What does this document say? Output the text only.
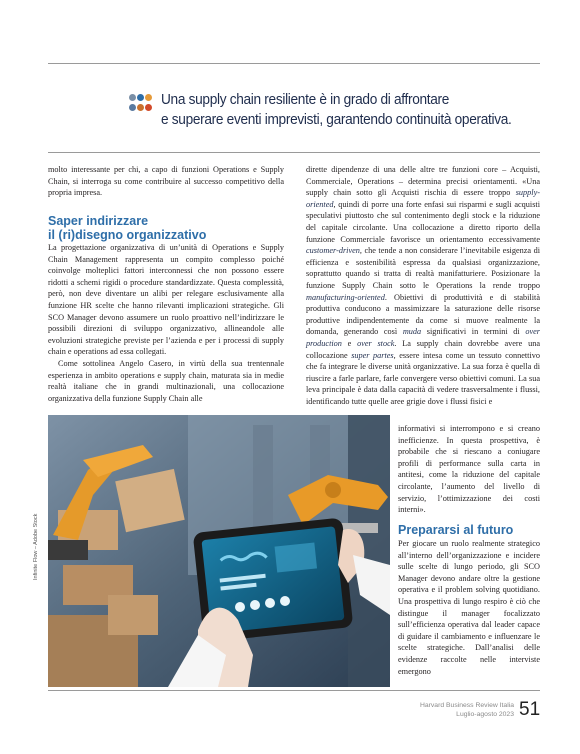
Una supply chain resiliente è in grado di affrontare
e superare eventi imprevisti, garantendo continuità operativa.

molto interessante per chi, a capo di funzioni Operations e Supply Chain, si interroga su come contribuire al successo competitivo della propria impresa.

Saper indirizzare
il (ri)disegno organizzativo

La progettazione organizzativa di un’unità di Operations e Supply Chain Management rappresenta un compito complesso poiché coinvolge molteplici fattori interconnessi che non possono essere ridotti a schemi rigidi o procedure standardizzate. Questa complessità, però, non deve diventare un alibi per relegare esclusivamente alla funzione HR scelte che hanno rilevanti implicazioni strategiche. Gli SCO Manager devono assumere un ruolo proattivo nell’indirizzare le possibili direzioni di sviluppo organizzativo, allineandole alle evoluzioni strategiche previste per l’azienda e per i processi di supply chain e operations ad essa collegati.

Come sottolinea Angelo Casero, in virtù della sua trentennale esperienza in ambito operations e supply chain, maturata sia in medie realtà italiane che in grandi multinazionali, una collocazione organizzativa della funzione Supply Chain alle

dirette dipendenze di una delle altre tre funzioni core – Acquisti, Commerciale, Operations – determina precisi orientamenti. «Una supply chain sotto gli Acquisti rischia di essere troppo supply-oriented, quindi di porre una forte enfasi sui risparmi e sugli acquisti speculativi piuttosto che sul contenimento degli stock e la riduzione del capitale circolante. Una collocazione a diretto riporto della funzione Commerciale favorisce un orientamento eccessivamente customer-driven, che tende a non considerare l’inevitabile esigenza di efficienza e sostenibilità espressa da qualsiasi organizzazione, soprattutto quando si tratta di realtà manifatturiere. Posizionare la funzione Supply Chain sotto le Operations la rende troppo manufacturing-oriented. Obiettivi di produttività e di stabilità produttiva conducono a massimizzare la saturazione delle risorse produttive indipendentemente da come si muove realmente la domanda, generando così muda significativi in termini di over production e over stock. La supply chain dovrebbe avere una collocazione super partes, essere intesa come un tessuto connettivo che fa integrare le diverse unità organizzative. La sua forza è quella di riuscire a farle parlare, farle convergere verso obiettivi comuni. La sua leva principale è data dalla capacità di vedere trasversalmente i flussi, identificando tutte quelle aree grigie dove i flussi fisici e

informativi si interrompono e si creano inefficienze. In questa prospettiva, è probabile che si riescano a coniugare profili di performance sulla carta in antitesi, come la riduzione del capitale circolante, l’aumento del livello di servizio, l’ottimizzazione dei costi interni».

Prepararsi al futuro

Per giocare un ruolo realmente strategico all’interno dell’organizzazione e incidere sulle scelte di lungo periodo, gli SCO Manager devono andare oltre la gestione operativa e il problem solving quotidiano. Una prospettiva di lungo respiro è ciò che distingue il manager focalizzato sull’efficienza operativa dal leader capace di guidare il cambiamento e influenzare le scelte strategiche. Dall’analisi delle evidenze raccolte nelle interviste emergono

Infinite Flow – Adobe Stock
Harvard Business Review Italia
Luglio-agosto 2023 51
